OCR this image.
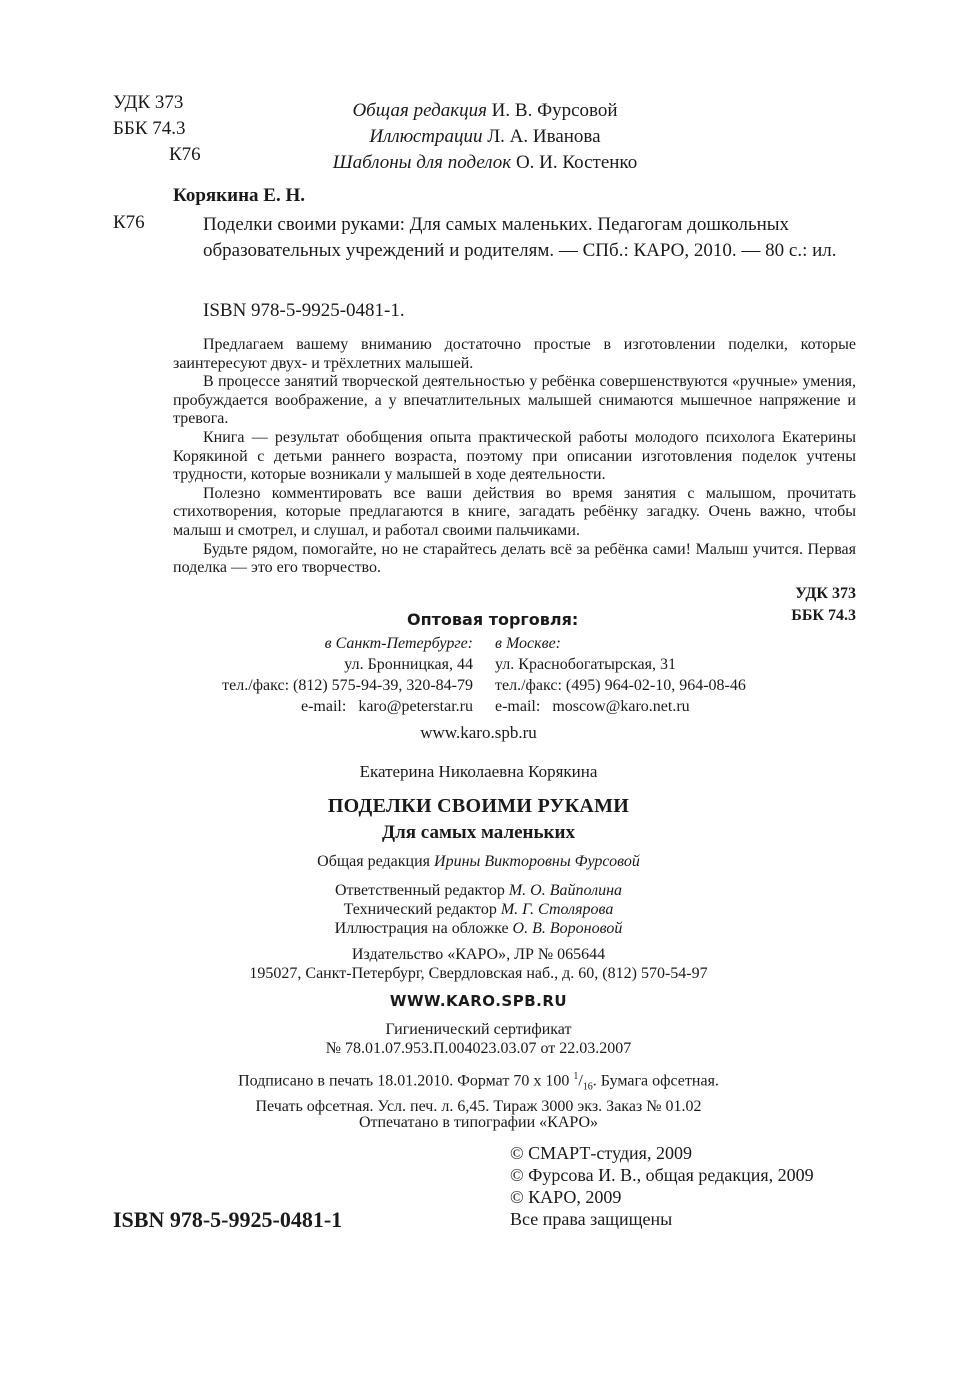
УДК 373
ББК 74.3
К76
Общая редакция И. В. Фурсовой
Иллюстрации Л. А. Иванова
Шаблоны для поделок О. И. Костенко
Корякина Е. Н.
К76	Поделки своими руками: Для самых маленьких. Педагогам дошкольных образовательных учреждений и родителям. — СПб.: КАРО, 2010. — 80 с.: ил.
ISBN 978-5-9925-0481-1.

Предлагаем вашему вниманию достаточно простые в изготовлении поделки, которые заинтересуют двух- и трёхлетних малышей.

В процессе занятий творческой деятельностью у ребёнка совершенствуются «ручные» умения, пробуждается воображение, а у впечатлительных малышей снимаются мышечное напряжение и тревога.

Книга — результат обобщения опыта практической работы молодого психолога Екатерины Корякиной с детьми раннего возраста, поэтому при описании изготовления поделок учтены трудности, которые возникали у малышей в ходе деятельности.

Полезно комментировать все ваши действия во время занятия с малышом, прочитать стихотворения, которые предлагаются в книге, загадать ребёнку загадку. Очень важно, чтобы малыш и смотрел, и слушал, и работал своими пальчиками.

Будьте рядом, помогайте, но не старайтесь делать всё за ребёнка сами! Малыш учится. Первая поделка — это его творчество.

УДК 373
ББК 74.3
Оптовая торговля:
в Санкт-Петербурге: в Москве:
ул. Бронницкая, 44 ул. Краснобогатырская, 31
тел./факс: (812) 575-94-39, 320-84-79 тел./факс: (495) 964-02-10, 964-08-46
e-mail:   karo@peterstar.ru e-mail:   moscow@karo.net.ru
www.karo.spb.ru
Екатерина Николаевна Корякина
ПОДЕЛКИ СВОИМИ РУКАМИ
Для самых маленьких
Общая редакция Ирины Викторовны Фурсовой
Ответственный редактор М. О. Вайполина
Технический редактор М. Г. Столярова
Иллюстрация на обложке О. В. Вороновой
Издательство «КАРО», ЛР № 065644
195027, Санкт-Петербург, Свердловская наб., д. 60, (812) 570-54-97
WWW.KARO.SPB.RU
Гигиенический сертификат
№ 78.01.07.953.П.004023.03.07 от 22.03.2007
Подписано в печать 18.01.2010. Формат 70 х 100 $^1/_{16}$. Бумага офсетная.
Печать офсетная. Усл. печ. л. 6,45. Тираж 3000 экз. Заказ № 01.02
Отпечатано в типографии «КАРО»
© СМАРТ-студия, 2009
© Фурсова И. В., общая редакция, 2009
© КАРО, 2009
Все права защищены
ISBN 978-5-9925-0481-1
